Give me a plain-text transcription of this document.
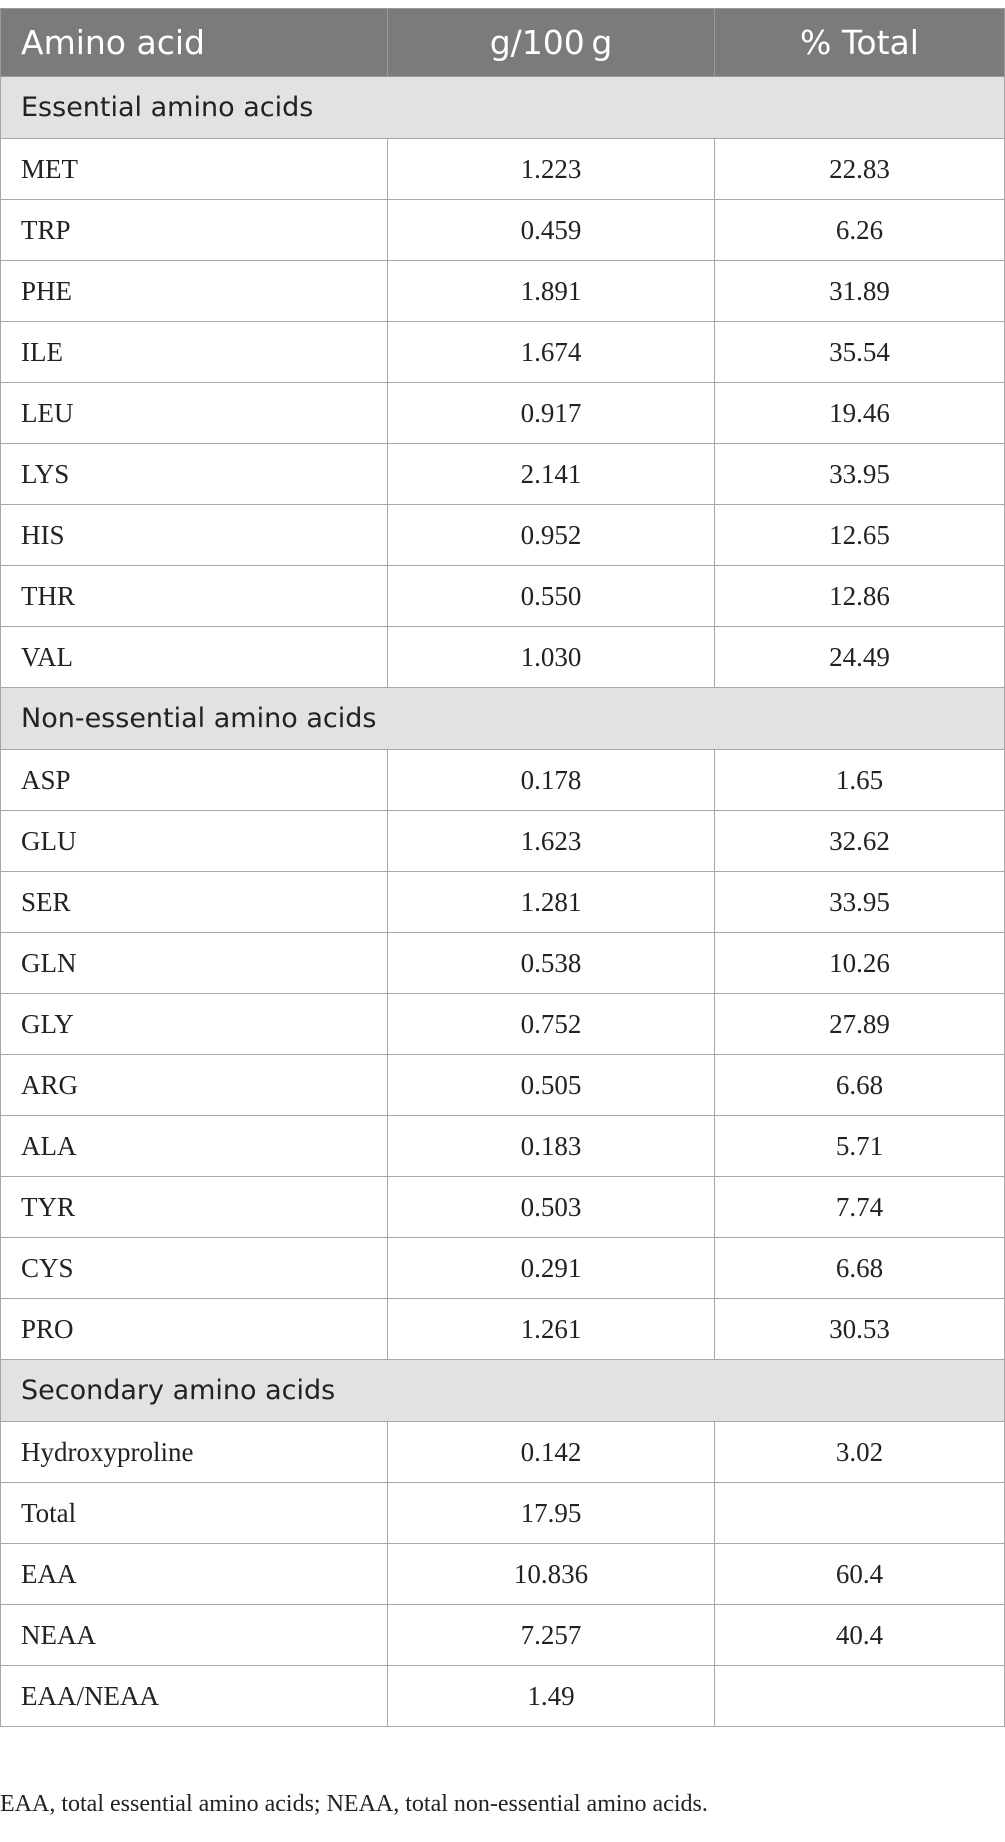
Amino acid	g/100 g	% Total
Essential amino acids		
MET	1.223	22.83
TRP	0.459	6.26
PHE	1.891	31.89
ILE	1.674	35.54
LEU	0.917	19.46
LYS	2.141	33.95
HIS	0.952	12.65
THR	0.550	12.86
VAL	1.030	24.49
Non-essential amino acids		
ASP	0.178	1.65
GLU	1.623	32.62
SER	1.281	33.95
GLN	0.538	10.26
GLY	0.752	27.89
ARG	0.505	6.68
ALA	0.183	5.71
TYR	0.503	7.74
CYS	0.291	6.68
PRO	1.261	30.53
Secondary amino acids		
Hydroxyproline	0.142	3.02
Total	17.95	
EAA	10.836	60.4
NEAA	7.257	40.4
EAA/NEAA	1.49	
EAA, total essential amino acids; NEAA, total non-essential amino acids.
